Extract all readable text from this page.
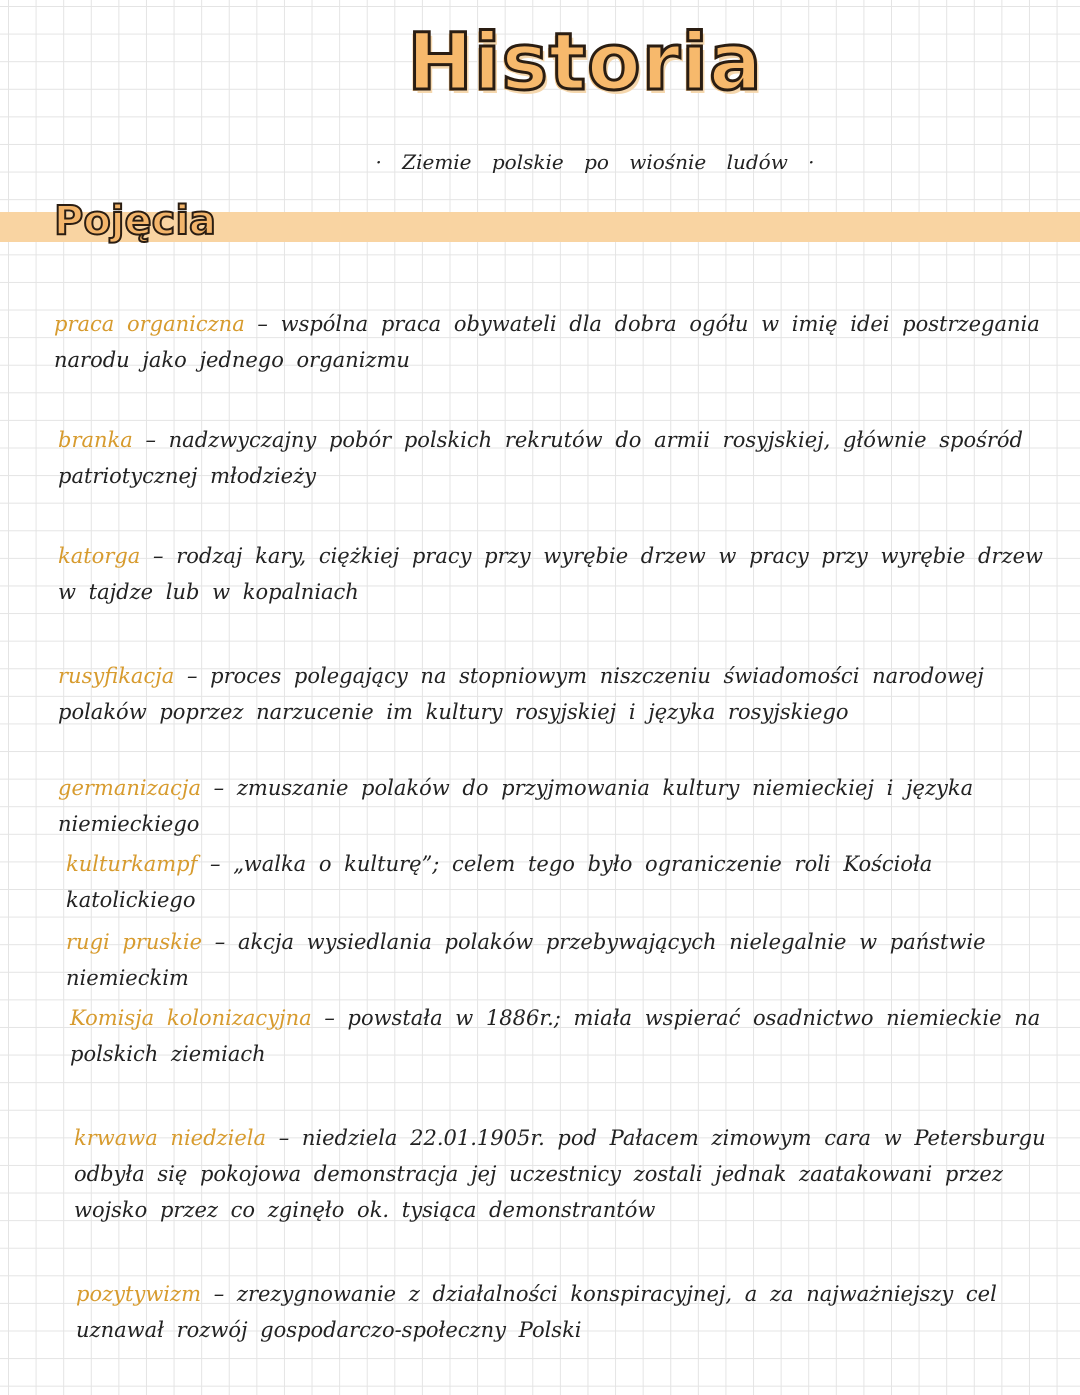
Historia
· Ziemie polskie po wiośnie ludów ·
Pojęcia
praca organiczna – wspólna praca obywateli dla dobra ogółu w imię idei postrzegania narodu jako jednego organizmu
branka – nadzwyczajny pobór polskich rekrutów do armii rosyjskiej, głównie spośród patriotycznej młodzieży
katorga – rodzaj kary, ciężkiej pracy przy wyrębie drzew w pracy przy wyrębie drzew w tajdze lub w kopalniach
rusyfikacja – proces polegający na stopniowym niszczeniu świadomości narodowej polaków poprzez narzucenie im kultury rosyjskiej i języka rosyjskiego
germanizacja – zmuszanie polaków do przyjmowania kultury niemieckiej i języka niemieckiego
kulturkampf – „walka o kulturę”; celem tego było ograniczenie roli Kościoła katolickiego
rugi pruskie – akcja wysiedlania polaków przebywających nielegalnie w państwie niemieckim
Komisja kolonizacyjna – powstała w 1886r.; miała wspierać osadnictwo niemieckie na polskich ziemiach
krwawa niedziela – niedziela 22.01.1905r. pod Pałacem zimowym cara w Petersburgu odbyła się pokojowa demonstracja jej uczestnicy zostali jednak zaatakowani przez wojsko przez co zginęło ok. tysiąca demonstrantów
pozytywizm – zrezygnowanie z działalności konspiracyjnej, a za najważniejszy cel uznawał rozwój gospodarczo-społeczny Polski
